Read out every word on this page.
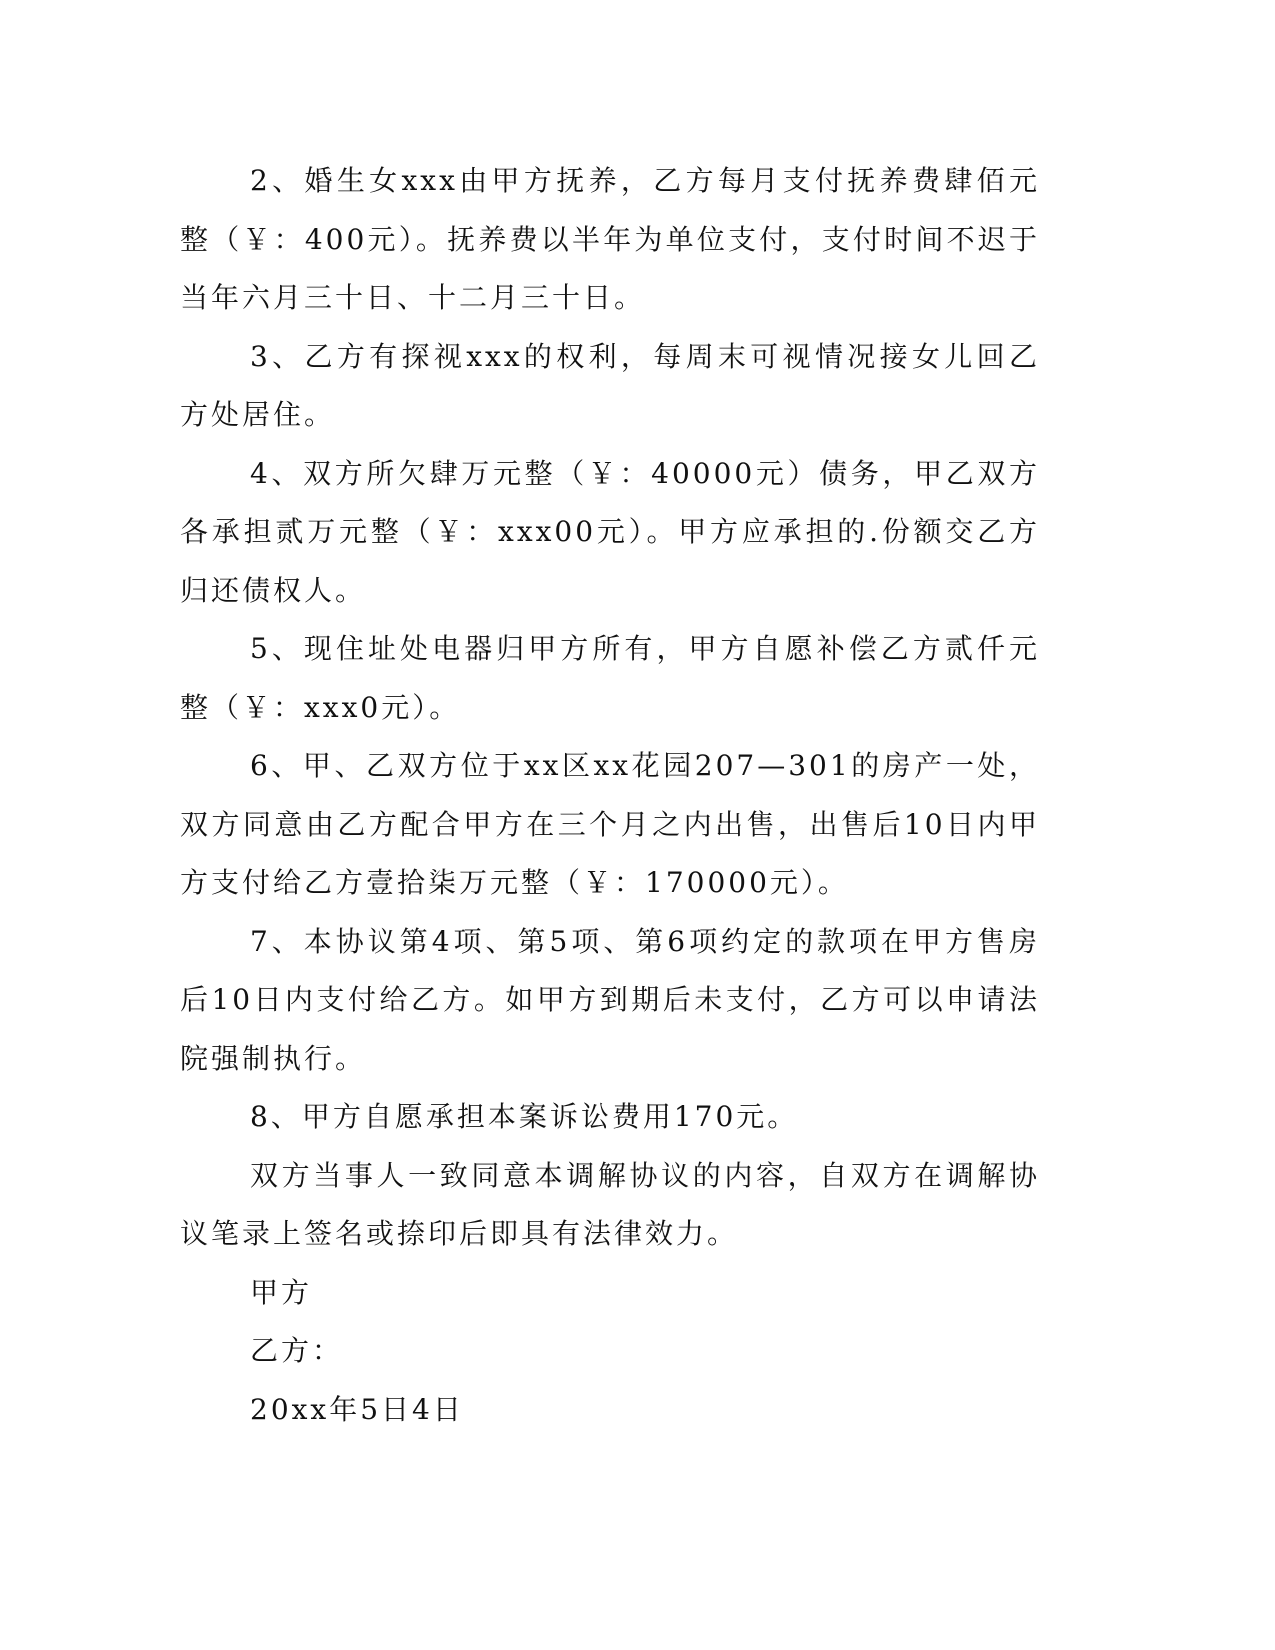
2、婚生女xxx由甲方抚养，乙方每月支付抚养费肆佰元整（￥：400元）。抚养费以半年为单位支付，支付时间不迟于当年六月三十日、十二月三十日。

3、乙方有探视xxx的权利，每周末可视情况接女儿回乙方处居住。

4、双方所欠肆万元整（￥：40000元）债务，甲乙双方各承担贰万元整（￥：xxx00元）。甲方应承担的.份额交乙方归还债权人。

5、现住址处电器归甲方所有，甲方自愿补偿乙方贰仟元整（￥：xxx0元）。

6、甲、乙双方位于xx区xx花园207—301的房产一处，双方同意由乙方配合甲方在三个月之内出售，出售后10日内甲方支付给乙方壹拾柒万元整（￥：170000元）。

7、本协议第4项、第5项、第6项约定的款项在甲方售房后10日内支付给乙方。如甲方到期后未支付，乙方可以申请法院强制执行。

8、甲方自愿承担本案诉讼费用170元。

双方当事人一致同意本调解协议的内容，自双方在调解协议笔录上签名或捺印后即具有法律效力。

甲方

乙方：

20xx年5日4日
